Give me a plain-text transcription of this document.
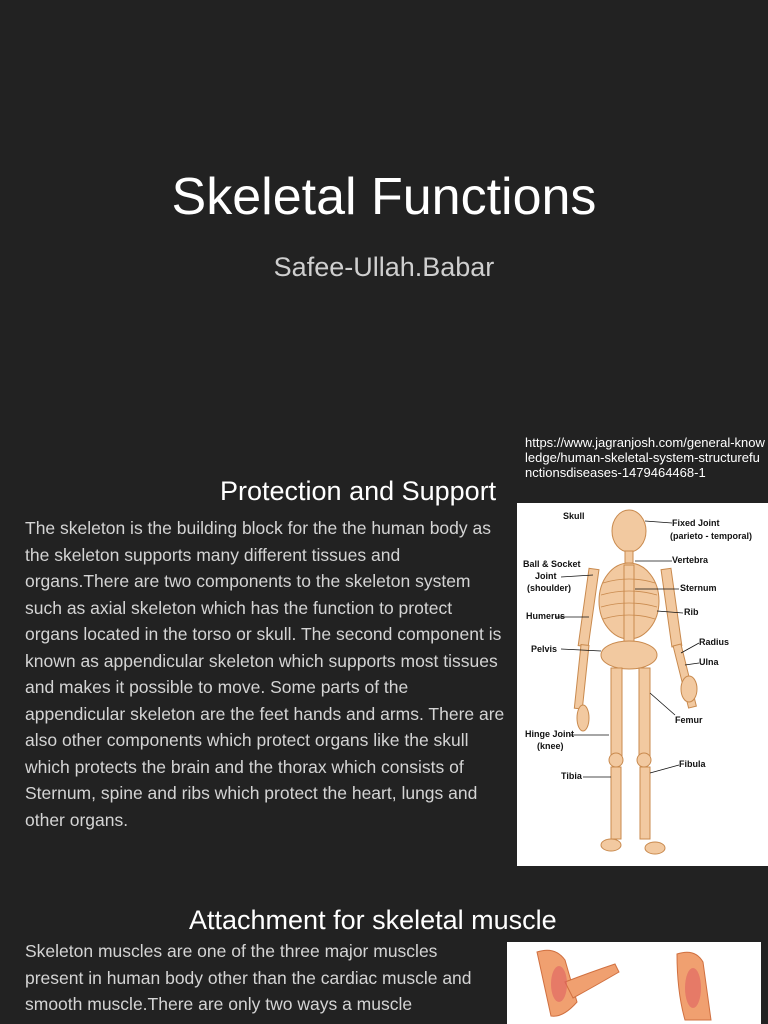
Skeletal Functions
Safee-Ullah.Babar
https://www.jagranjosh.com/general-knowledge/human-skeletal-system-structurefunctionsdiseases-1479464468-1
Protection and Support
The skeleton is the building block for the the human body as the skeleton supports many different tissues and organs.There are two components to the skeleton system such as axial skeleton which has the function to protect organs located in the torso or skull. The second component is known as appendicular skeleton which supports most tissues and makes it possible to move. Some parts of the appendicular skeleton are the feet hands and arms. There are also other components which protect organs like the skull which protects the brain and the thorax which consists of Sternum, spine and ribs which protect the heart, lungs and other organs.
Skull
Fixed Joint
(parieto - temporal)
Vertebra
Ball & Socket
Joint
(shoulder)	Sternum
Humerus	Rib
Radius
Pelvis
Ulna
Femur
Hinge Joint
(knee)
Fibula
Tibia
Attachment for skeletal muscle
Skeleton muscles are one of the three major muscles present in human body other than the cardiac muscle and smooth muscle.There are only two ways a muscle
